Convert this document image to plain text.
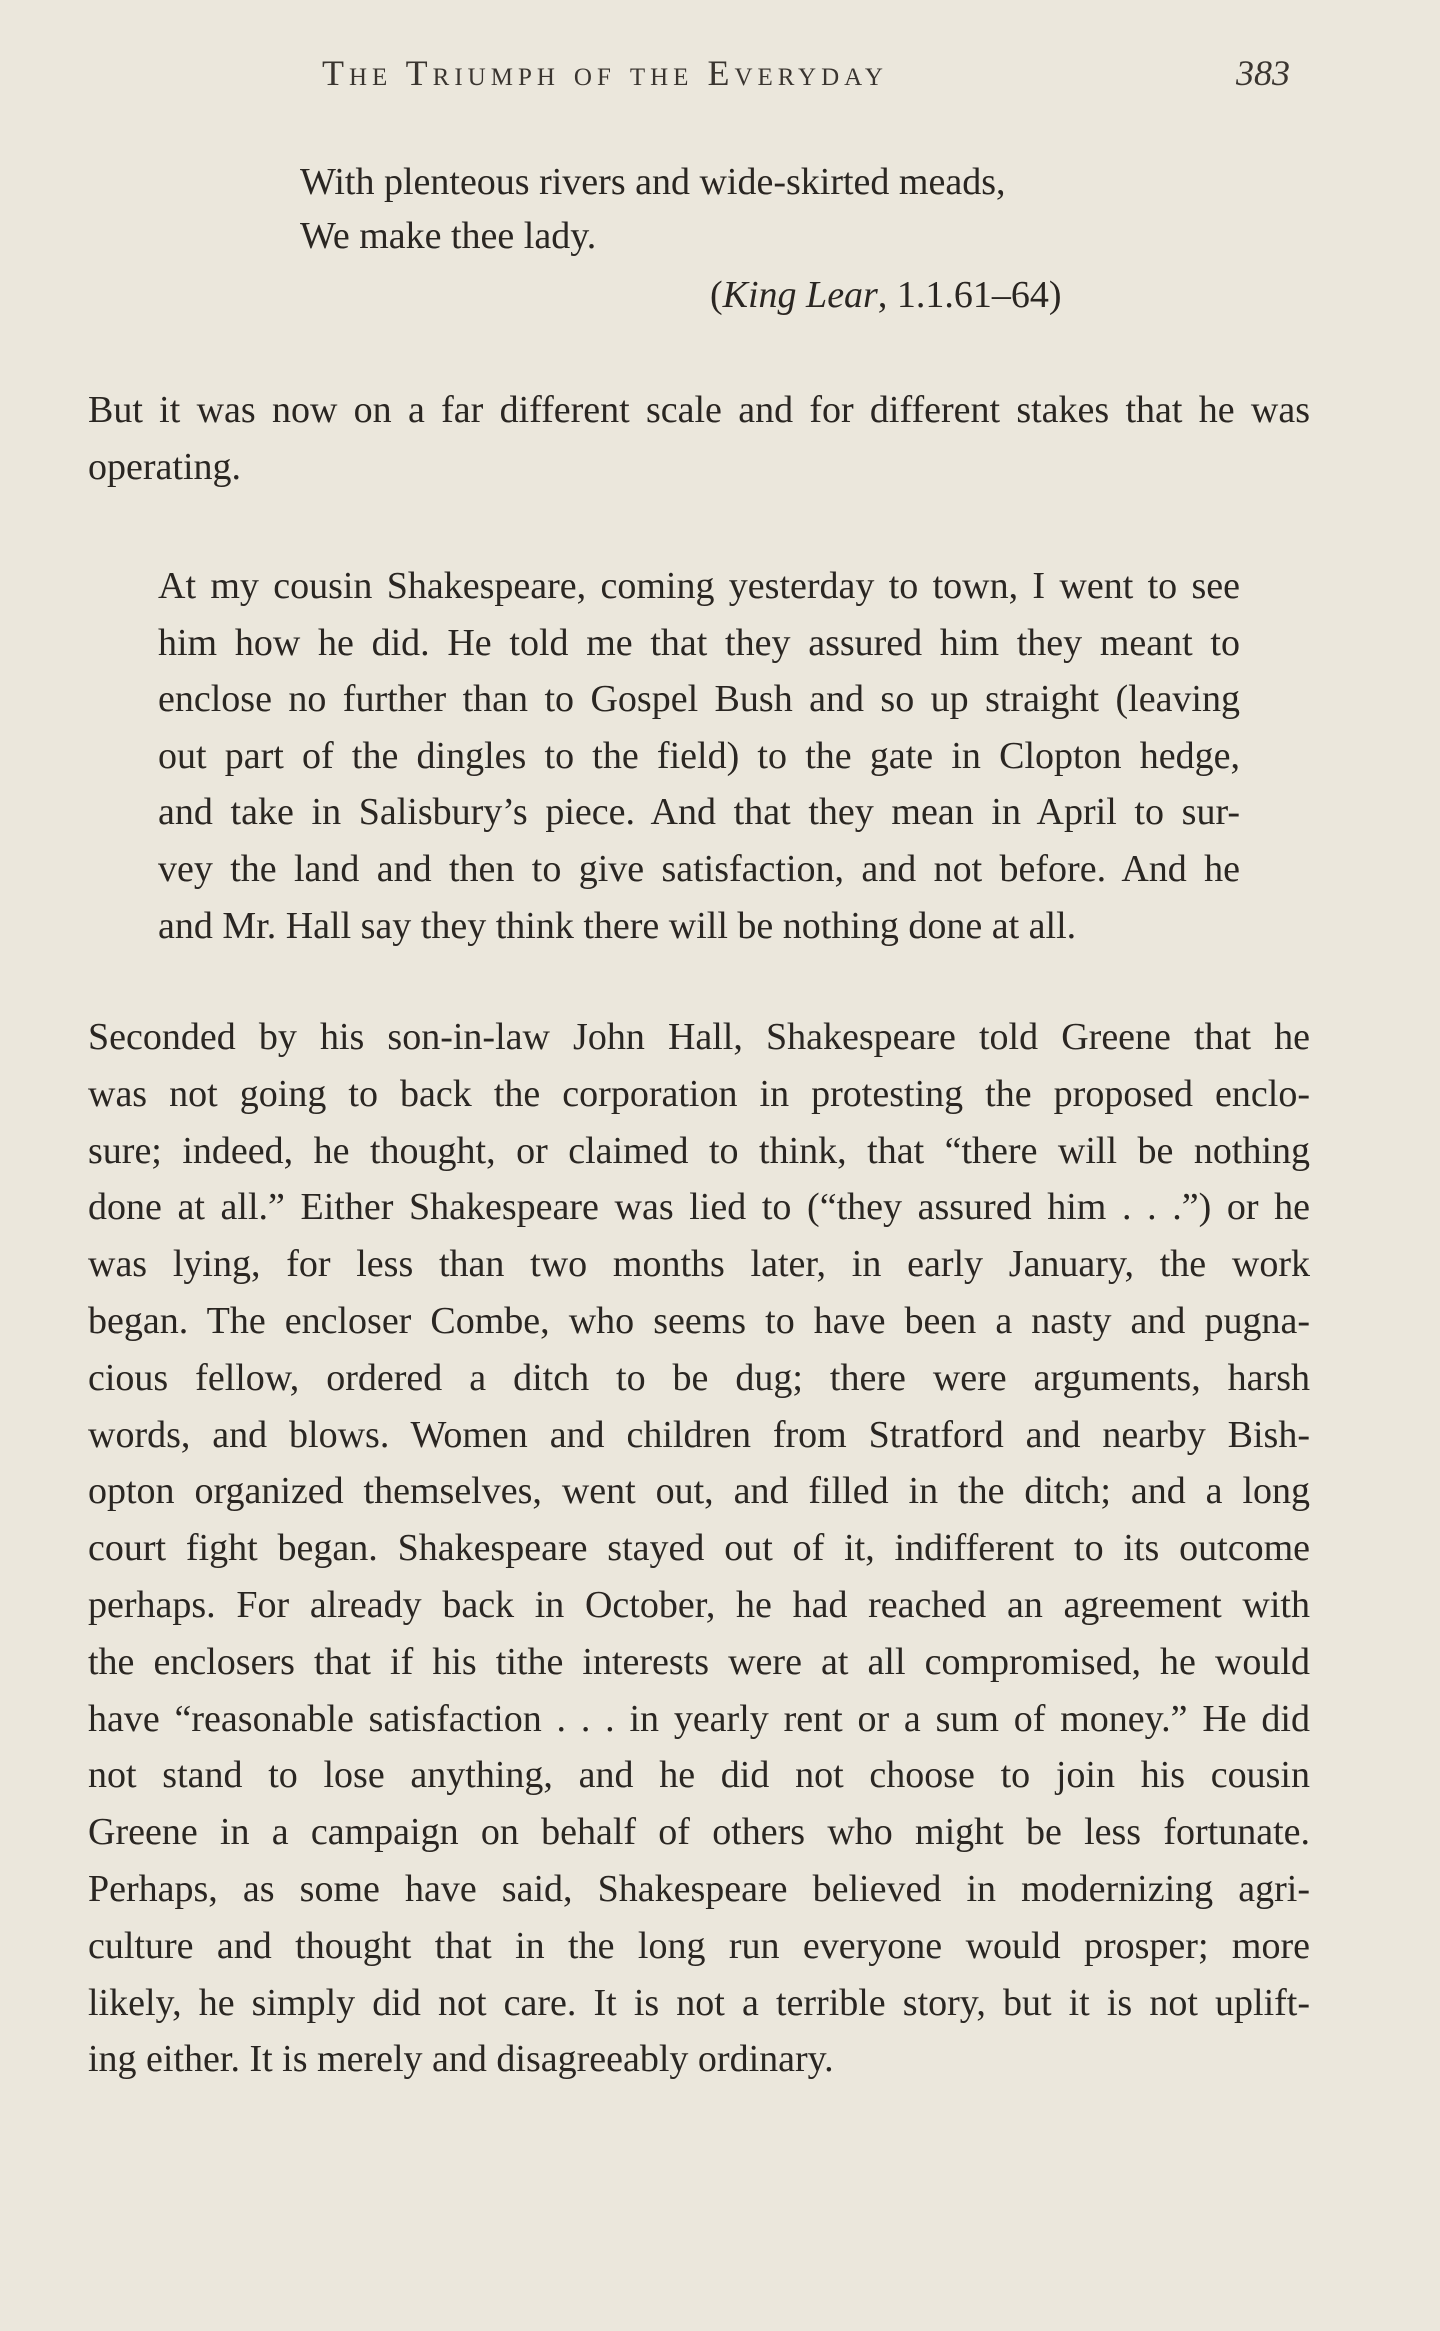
The Triumph of the Everyday	383
With plenteous rivers and wide-skirted meads,
We make thee lady.
(King Lear, 1.1.61–64)
But it was now on a far different scale and for different stakes that he was
operating.
At my cousin Shakespeare, coming yesterday to town, I went to see
him how he did. He told me that they assured him they meant to
enclose no further than to Gospel Bush and so up straight (leaving
out part of the dingles to the field) to the gate in Clopton hedge,
and take in Salisbury’s piece. And that they mean in April to sur-
vey the land and then to give satisfaction, and not before. And he
and Mr. Hall say they think there will be nothing done at all.
Seconded by his son-in-law John Hall, Shakespeare told Greene that he
was not going to back the corporation in protesting the proposed enclo-
sure; indeed, he thought, or claimed to think, that “there will be nothing
done at all.” Either Shakespeare was lied to (“they assured him . . .”) or he
was lying, for less than two months later, in early January, the work
began. The encloser Combe, who seems to have been a nasty and pugna-
cious fellow, ordered a ditch to be dug; there were arguments, harsh
words, and blows. Women and children from Stratford and nearby Bish-
opton organized themselves, went out, and filled in the ditch; and a long
court fight began. Shakespeare stayed out of it, indifferent to its outcome
perhaps. For already back in October, he had reached an agreement with
the enclosers that if his tithe interests were at all compromised, he would
have “reasonable satisfaction . . . in yearly rent or a sum of money.” He did
not stand to lose anything, and he did not choose to join his cousin
Greene in a campaign on behalf of others who might be less fortunate.
Perhaps, as some have said, Shakespeare believed in modernizing agri-
culture and thought that in the long run everyone would prosper; more
likely, he simply did not care. It is not a terrible story, but it is not uplift-
ing either. It is merely and disagreeably ordinary.
